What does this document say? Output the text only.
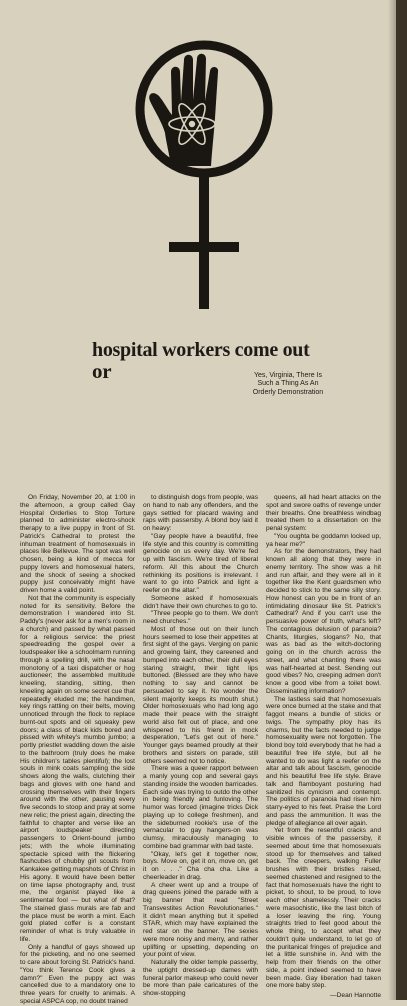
hospital workers come out
or	Yes, Virginia, There Is
Such a Thing As An
Orderly Demonstration

On Friday, November 20, at 1:00 in the afternoon, a group called Gay Hospital Orderlies to Stop Torture planned to administer electro-shock therapy to a live puppy in front of St. Patrick's Cathedral to protest the inhuman treatment of homosexuals in places like Bellevue. The spot was well chosen, being a kind of mecca for puppy lovers and homosexual haters, and the shock of seeing a shocked puppy just conceivably might have driven home a valid point.

Not that the community is especially noted for its sensitivity. Before the demonstration I wandered into St. Paddy's (never ask for a men's room in a church) and passed by what passed for a religious service: the priest speedreading the gospel over a loudspeaker like a schoolmarm running through a spelling drill, with the nasal monotony of a taxi dispatcher or hog auctioneer; the assembled multitude kneeling, standing, sitting, then kneeling again on some secret cue that repeatedly eluded me; the handimen, key rings rattling on their belts, moving unnoticed through the flock to replace burnt-out spots and oil squeaky pew doors; a class of black kids bored and pissed with whitey's mumbo jumbo; a portly priestlet waddling down the aisle to the bathroom (truly does he make His children's tables plentiful); the lost souls in mink coats sampling the side shows along the walls, clutching their bags and gloves with one hand and crossing themselves with their fingers around with the other, pausing every five seconds to stoop and pray at some new relic; the priest again, directing the faithful to chapter and verse like an airport loudspeaker directing passengers to Orient-bound jumbo jets; with the whole illuminating spectacle spiced with the flickering flashcubes of chubby girl scouts from Kankakee getting mapshots of Christ in His agony. It would have been better on time lapse photography and, trust me, the organist played like a sentimental fool — but what of that? The stained glass murals are fab and the place must be worth a mint. Each gold plated coffer is a constant reminder of what is truly valuable in life.

Only a handful of gays showed up for the picketing, and no one seemed to care about forcing St. Patrick's hand. "You think Terence Cook gives a damn?" Even the puppy act was cancelled due to a mandatory one to three years for cruelty to animals. A special ASPCA cop, no doubt trained

to distinguish dogs from people, was on hand to nab any offenders, and the gays settled for placard waving and raps with passersby. A blond boy laid it on heavy:

"Gay people have a beautiful, free life style and this country is committing genocide on us every day. We're fed up with fascism. We're tired of liberal reform. All this about the Church rethinking its positions is irrelevant. I want to go into Patrick and light a reefer on the altar."

Someone asked if homosexuals didn't have their own churches to go to.

"Three people go to them. We don't need churches."

Most of those out on their lunch hours seemed to lose their appetites at first sight of the gays. Verging on panic and growing faint, they careened and bumped into each other, their dull eyes staring straight, their tight lips buttoned. (Blessed are they who have nothing to say and cannot be persuaded to say it. No wonder the silent majority keeps its mouth shut.) Older homosexuals who had long ago made their peace with the straight world also felt out of place, and one whispered to his friend in mock desperation, "Let's get out of here." Younger gays beamed proudly at their brothers and sisters on parade, still others seemed not to notice.

There was a queer rapport between a manly young cop and several gays standing inside the wooden barricades. Each side was trying to outdo the other in being friendly and funloving. The humor was forced (imagine tricks Dick playing up to college freshmen), and the sideburned rookie's use of the vernacular to gay hangers-on was clumsy, miraculously managing to combine bad grammar with bad taste.

"Okay, let's get it together now, boys. Move on, get it on, move on, get it on . . ." Cha cha cha. Like a cheerleader in drag.

A cheer went up and a troupe of drag queens joined the parade with a big banner that read "Street Transvestites Action Revolutionaries." It didn't mean anything but it spelled STAR, which may have explained the red star on the banner. The sexies were more noisy and merry, and rather uplifting or upsetting, depending on your point of view.

Naturally the older temple passerby, the uptight dressed-up dames with funeral parlor makeup who could never be more than pale caricatures of the show-stopping

queens, all had heart attacks on the spot and swore oaths of revenge under their breaths. One breathless windbag treated them to a dissertation on the penal system:

"You oughta be goddamn locked up, ya hear me?"

As for the demonstrators, they had known all along that they were in enemy territory. The show was a hit and run affair, and they were all in it together like the Kent guardsmen who decided to stick to the same silly story. How honest can you be in front of an intimidating dinosaur like St. Patrick's Cathedral? And if you can't use the persuasive power of truth, what's left? The contagious delusion of paranoia? Chants, liturgies, slogans? No, that was as bad as the witch-doctoring going on in the church across the street, and what chanting there was was half-hearted at best. Sending out good vibes? No, creeping admen don't know a good vibe from a toilet bowl. Disseminating information?

The lastless said that homosexuals were once burned at the stake and that faggot means a bundle of sticks or twigs. The sympathy ploy has its charms, but the facts needed to judge homosexuality were not forgotten. The blond boy told everybody that he had a beautiful free life style, but all he wanted to do was light a reefer on the altar and talk about fascism, genocide and his beautiful free life style. Brave talk and flamboyant posturing had sanitized his cynicism and contempt. The politics of paranoia had risen him starry-eyed to his feet. Praise the Lord and pass the ammunition. It was the pledge of allegiance all over again.

Yet from the resentful cracks and visible winces of the passersby, it seemed about time that homosexuals stood up for themselves and talked back. The creepers, walking Fuller brushes with their bristles raised, seemed chastened and resigned to the fact that homosexuals have the right to picket, to shout, to be proud, to love each other shamelessly. Their cracks were masochistic, like the last bitch of a loser leaving the ring. Young straights tried to feel good about the whole thing, to accept what they couldn't quite understand, to let go of the puritanical fringes of prejudice and let a little sunshine in. And with the help from their friends on the other side, a point indeed seemed to have been made. Gay liberation had taken one more baby step.

—Dean Hannotte
